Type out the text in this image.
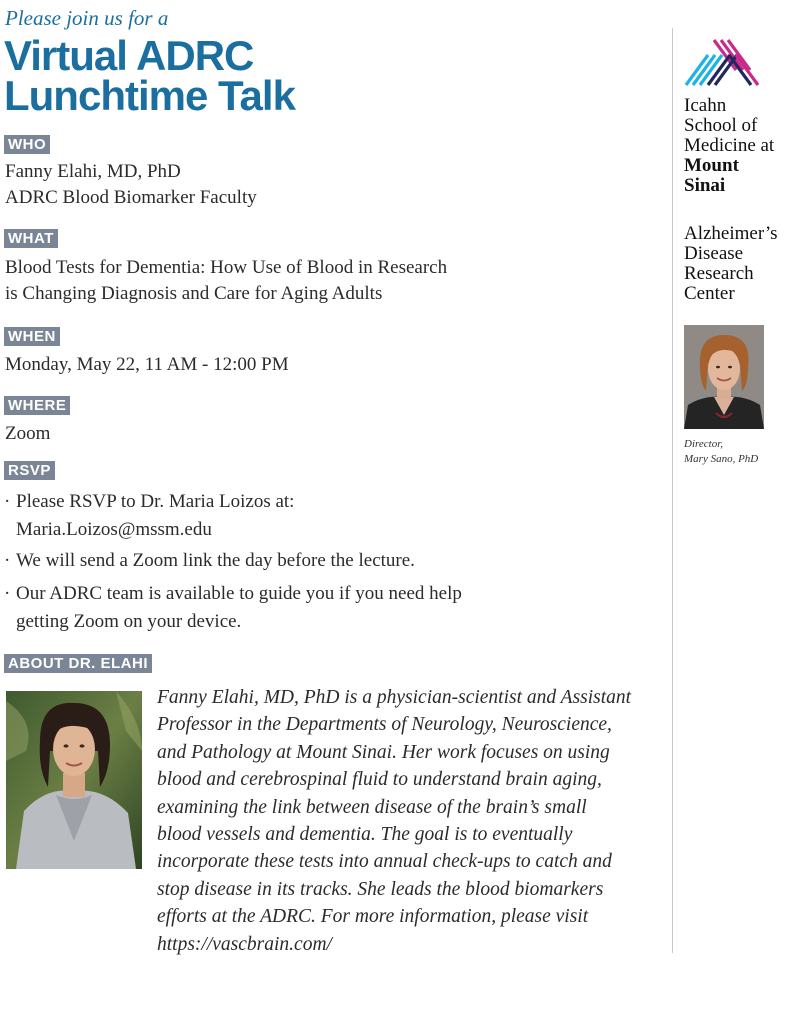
Please join us for a
Virtual ADRC
Lunchtime Talk
WHO
Fanny Elahi, MD, PhD
ADRC Blood Biomarker Faculty
WHAT
Blood Tests for Dementia: How Use of Blood in Research
is Changing Diagnosis and Care for Aging Adults
WHEN
Monday, May 22, 11 AM - 12:00 PM
WHERE
Zoom
RSVP
· Please RSVP to Dr. Maria Loizos at:
Maria.Loizos@mssm.edu
· We will send a Zoom link the day before the lecture.
· Our ADRC team is available to guide you if you need help
getting Zoom on your device.
ABOUT DR. ELAHI
Fanny Elahi, MD, PhD is a physician-scientist and Assistant Professor in the Departments of Neurology, Neuroscience, and Pathology at Mount Sinai. Her work focuses on using blood and cerebrospinal fluid to understand brain aging, examining the link between disease of the brain’s small blood vessels and dementia. The goal is to eventually incorporate these tests into annual check-ups to catch and stop disease in its tracks. She leads the blood biomarkers efforts at the ADRC. For more information, please visit https://vascbrain.com/
Icahn
School of
Medicine at
Mount
Sinai
Alzheimer’s
Disease
Research
Center
Director,
Mary Sano, PhD
